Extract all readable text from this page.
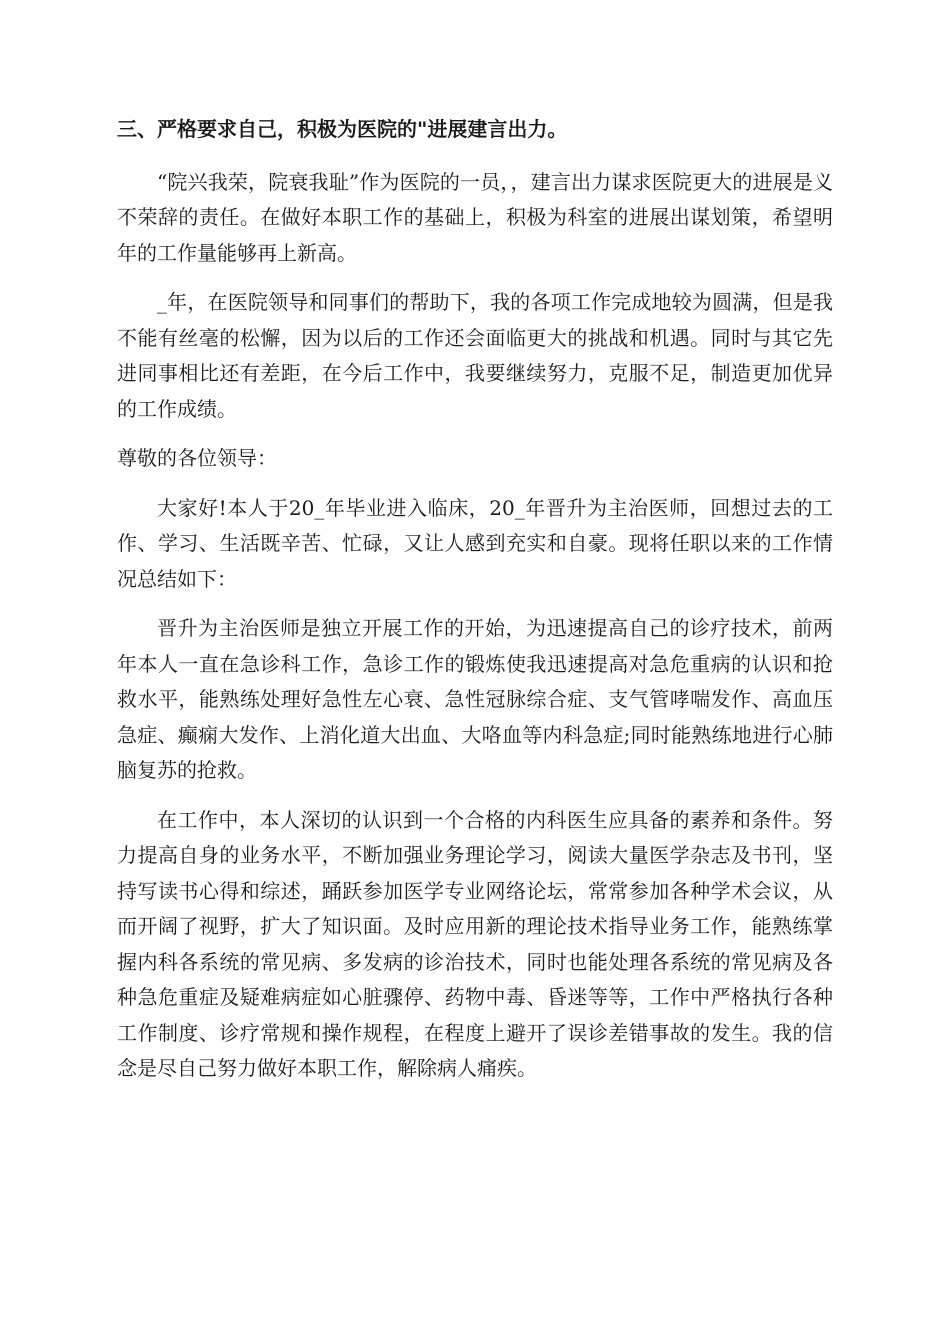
三、严格要求自己，积极为医院的"进展建言出力。

“院兴我荣，院衰我耻”作为医院的一员，，建言出力谋求医院更大的进展是义不荣辞的责任。在做好本职工作的基础上，积极为科室的进展出谋划策，希望明年的工作量能够再上新高。

_年，在医院领导和同事们的帮助下，我的各项工作完成地较为圆满，但是我不能有丝毫的松懈，因为以后的工作还会面临更大的挑战和机遇。同时与其它先进同事相比还有差距，在今后工作中，我要继续努力，克服不足，制造更加优异的工作成绩。

尊敬的各位领导：

大家好!本人于20_年毕业进入临床，20_年晋升为主治医师，回想过去的工作、学习、生活既辛苦、忙碌，又让人感到充实和自豪。现将任职以来的工作情况总结如下：

晋升为主治医师是独立开展工作的开始，为迅速提高自己的诊疗技术，前两年本人一直在急诊科工作，急诊工作的锻炼使我迅速提高对急危重病的认识和抢救水平，能熟练处理好急性左心衰、急性冠脉综合症、支气管哮喘发作、高血压急症、癫痫大发作、上消化道大出血、大咯血等内科急症;同时能熟练地进行心肺脑复苏的抢救。

在工作中，本人深切的认识到一个合格的内科医生应具备的素养和条件。努力提高自身的业务水平，不断加强业务理论学习，阅读大量医学杂志及书刊，坚持写读书心得和综述，踊跃参加医学专业网络论坛，常常参加各种学术会议，从而开阔了视野，扩大了知识面。及时应用新的理论技术指导业务工作，能熟练掌握内科各系统的常见病、多发病的诊治技术，同时也能处理各系统的常见病及各种急危重症及疑难病症如心脏骤停、药物中毒、昏迷等等，工作中严格执行各种工作制度、诊疗常规和操作规程，在程度上避开了误诊差错事故的发生。我的信念是尽自己努力做好本职工作，解除病人痛疾。
